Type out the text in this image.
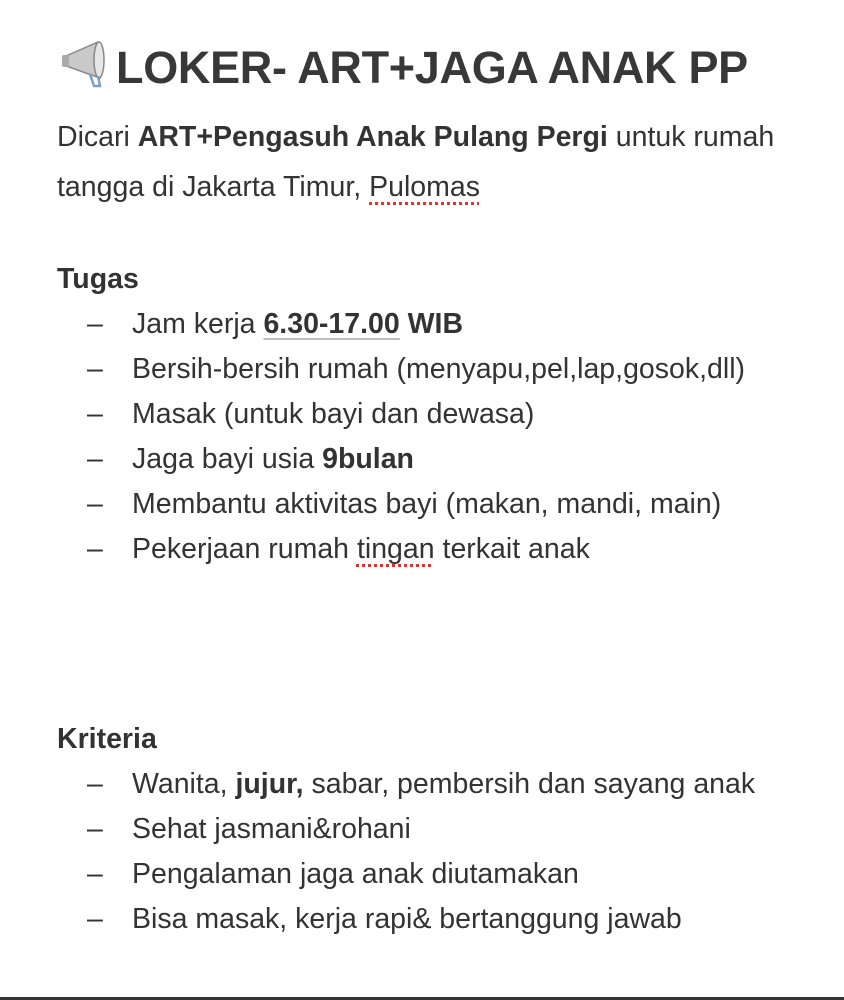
LOKER- ART+JAGA ANAK PP
Dicari ART+Pengasuh Anak Pulang Pergi untuk rumah tangga di Jakarta Timur, Pulomas
Tugas
– Jam kerja 6.30-17.00 WIB
– Bersih-bersih rumah (menyapu,pel,lap,gosok,dll)
– Masak (untuk bayi dan dewasa)
– Jaga bayi usia 9bulan
– Membantu aktivitas bayi (makan, mandi, main)
– Pekerjaan rumah tingan terkait anak
Kriteria
– Wanita, jujur, sabar, pembersih dan sayang anak
– Sehat jasmani&rohani
– Pengalaman jaga anak diutamakan
– Bisa masak, kerja rapi& bertanggung jawab
